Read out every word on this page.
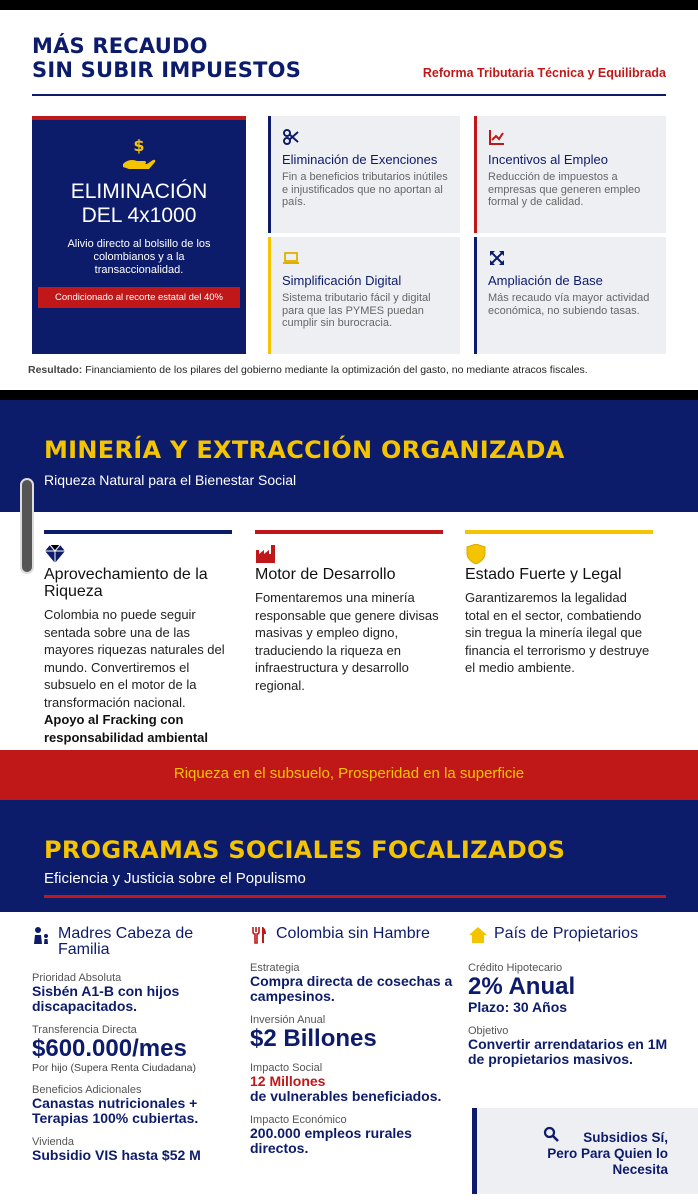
MÁS RECAUDO
SIN SUBIR IMPUESTOS	Reforma Tributaria Técnica y Equilibrada
$
ELIMINACIÓN
DEL 4x1000
Alivio directo al bolsillo de los colombianos y a la transaccionalidad.
Condicionado al recorte estatal del 40%
Eliminación de Exenciones
Fin a beneficios tributarios inútiles e injustificados que no aportan al país.
Incentivos al Empleo
Reducción de impuestos a empresas que generen empleo formal y de calidad.
Simplificación Digital
Sistema tributario fácil y digital para que las PYMES puedan cumplir sin burocracia.
Ampliación de Base
Más recaudo vía mayor actividad económica, no subiendo tasas.
Resultado: Financiamiento de los pilares del gobierno mediante la optimización del gasto, no mediante atracos fiscales.
MINERÍA Y EXTRACCIÓN ORGANIZADA
Riqueza Natural para el Bienestar Social
Aprovechamiento de la Riqueza
Colombia no puede seguir sentada sobre una de las mayores riquezas naturales del mundo. Convertiremos el subsuelo en el motor de la transformación nacional.
Apoyo al Fracking con responsabilidad ambiental
Motor de Desarrollo
Fomentaremos una minería responsable que genere divisas masivas y empleo digno, traduciendo la riqueza en infraestructura y desarrollo regional.
Estado Fuerte y Legal
Garantizaremos la legalidad total en el sector, combatiendo sin tregua la minería ilegal que financia el terrorismo y destruye el medio ambiente.
Riqueza en el subsuelo, Prosperidad en la superficie
PROGRAMAS SOCIALES FOCALIZADOS
Eficiencia y Justicia sobre el Populismo
Madres Cabeza de Familia
Prioridad Absoluta
Sisbén A1-B con hijos discapacitados.
Transferencia Directa
$600.000/mes
Por hijo (Supera Renta Ciudadana)
Beneficios Adicionales
Canastas nutricionales + Terapias 100% cubiertas.
Vivienda
Subsidio VIS hasta $52 M
Colombia sin Hambre
Estrategia
Compra directa de cosechas a campesinos.
Inversión Anual
$2 Billones
Impacto Social
12 Millones
de vulnerables beneficiados.
Impacto Económico
200.000 empleos rurales directos.
País de Propietarios
Crédito Hipotecario
2% Anual
Plazo: 30 Años
Objetivo
Convertir arrendatarios en 1M de propietarios masivos.
Subsidios Sí,
Pero Para Quien lo
Necesita
